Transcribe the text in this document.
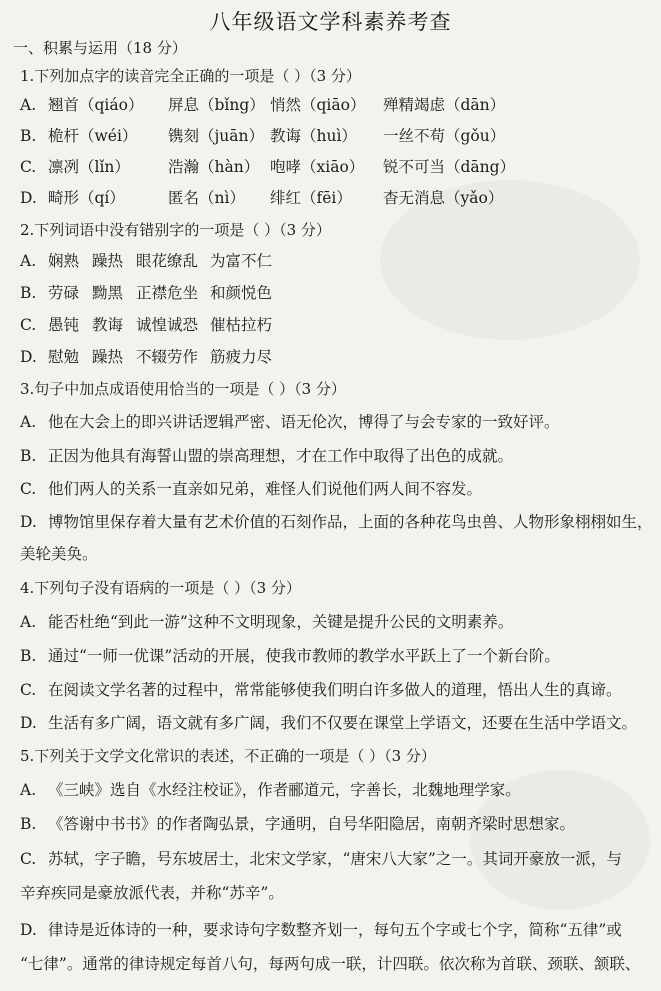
八年级语文学科素养考查
一、积累与运用（18 分）
1.下列加点字的读音完全正确的一项是（ ）（3 分）
A. 翘首（qiáo） 屏息（bǐng） 悄然（qiāo） 殚精竭虑（dān）
B. 桅杆（wéi） 镌刻（juān） 教诲（huì） 一丝不苟（gǒu）
C. 凛冽（lǐn） 浩瀚（hàn） 咆哮（xiāo） 锐不可当（dāng）
D. 畸形（qí）	匿名（nì） 绯红（fēi） 杳无消息（yǎo）
2.下列词语中没有错别字的一项是（ ）（3 分）
A. 娴熟 躁热 眼花缭乱 为富不仁
B. 劳碌 黝黑 正襟危坐 和颜悦色
C. 愚钝 教诲 诚惶诚恐 催枯拉朽
D. 慰勉 躁热 不辍劳作 筋疲力尽
3.句子中加点成语使用恰当的一项是（ ）（3 分）
A. 他在大会上的即兴讲话逻辑严密、语无伦次，博得了与会专家的一致好评。
B. 正因为他具有海誓山盟的崇高理想，才在工作中取得了出色的成就。
C. 他们两人的关系一直亲如兄弟，难怪人们说他们两人间不容发。
D. 博物馆里保存着大量有艺术价值的石刻作品，上面的各种花鸟虫兽、人物形象栩栩如生，
美轮美奂。
4.下列句子没有语病的一项是（ ）（3 分）
A. 能否杜绝“到此一游”这种不文明现象，关键是提升公民的文明素养。
B. 通过“一师一优课”活动的开展，使我市教师的教学水平跃上了一个新台阶。
C. 在阅读文学名著的过程中，常常能够使我们明白许多做人的道理，悟出人生的真谛。
D. 生活有多广阔，语文就有多广阔，我们不仅要在课堂上学语文，还要在生活中学语文。
5.下列关于文学文化常识的表述，不正确的一项是（ ）（3 分）
A. 《三峡》选自《水经注校证》，作者郦道元，字善长，北魏地理学家。
B. 《答谢中书书》的作者陶弘景，字通明，自号华阳隐居，南朝齐梁时思想家。
C. 苏轼，字子瞻，号东坡居士，北宋文学家，“唐宋八大家”之一。其词开豪放一派，与
辛弃疾同是豪放派代表，并称“苏辛”。
D. 律诗是近体诗的一种，要求诗句字数整齐划一，每句五个字或七个字，简称“五律”或
“七律”。通常的律诗规定每首八句，每两句成一联，计四联。依次称为首联、颈联、颔联、
